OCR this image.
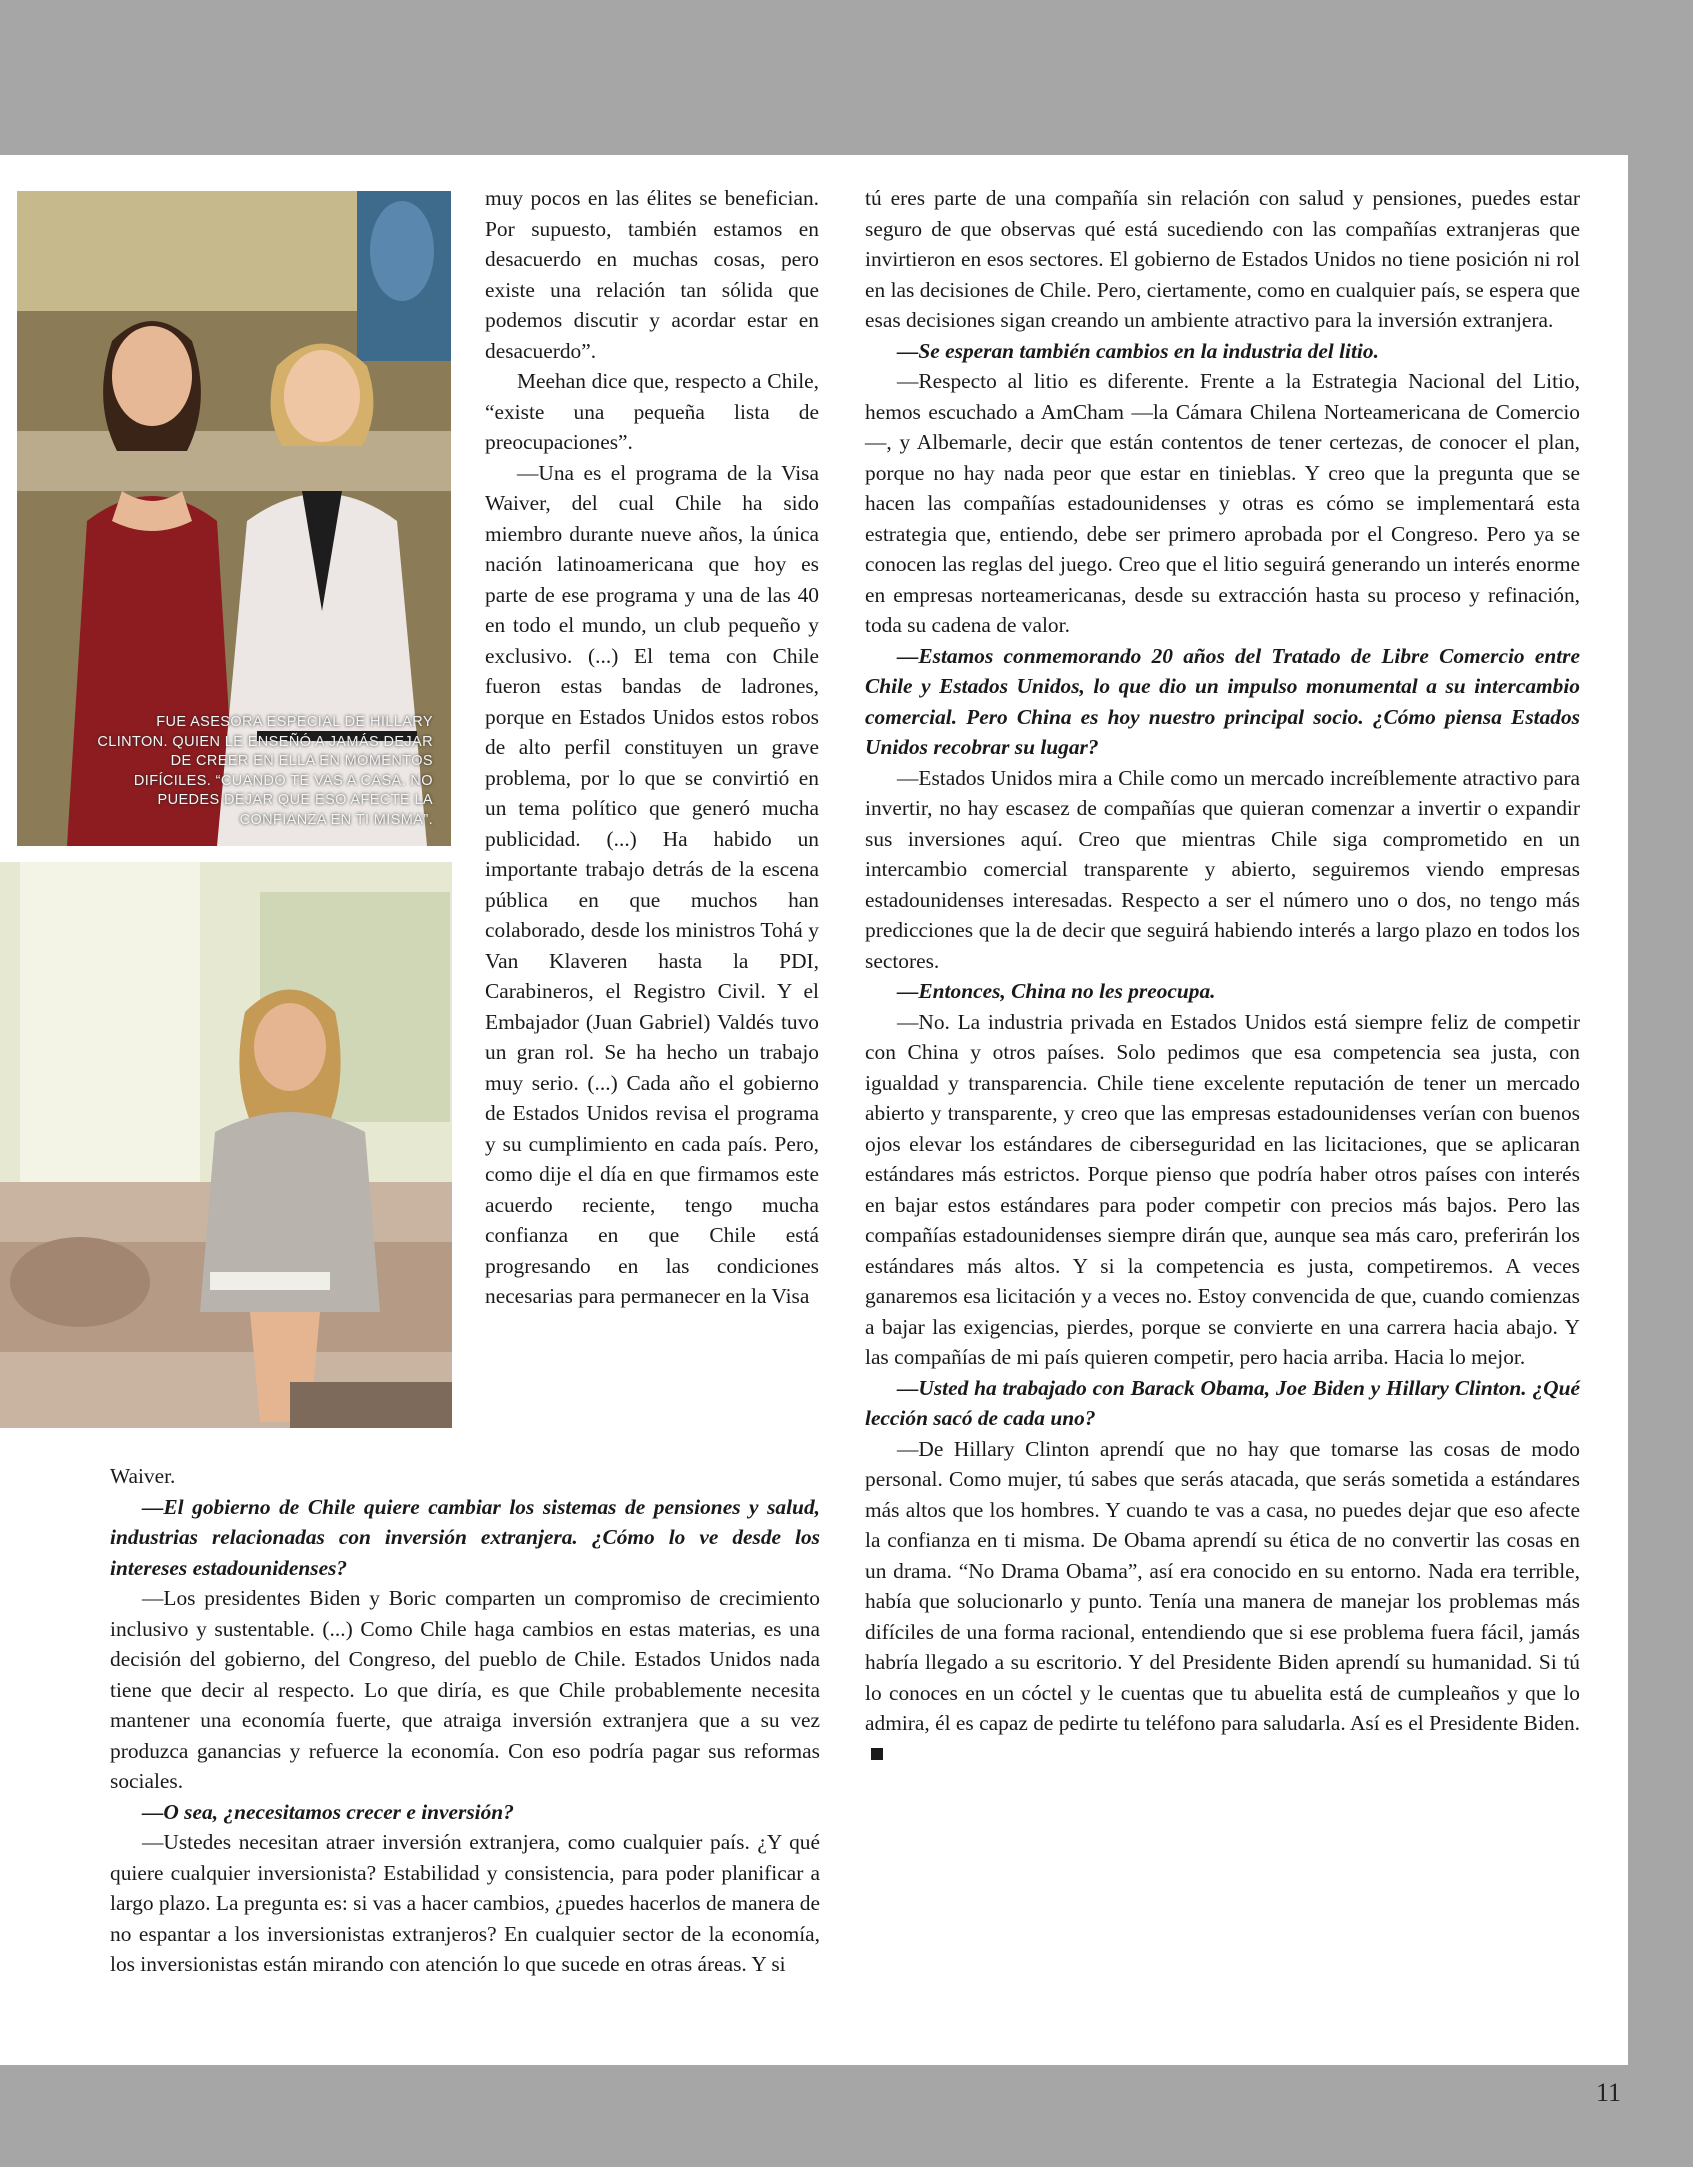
FUE ASESORA ESPECIAL DE HILLARY CLINTON. QUIEN LE ENSEÑÓ A JAMÁS DEJAR DE CREER EN ELLA EN MOMENTOS DIFÍCILES. “CUANDO TE VAS A CASA. NO PUEDES DEJAR QUE ESO AFECTE LA CONFIANZA EN TI MISMA”.

muy pocos en las élites se benefician. Por supuesto, también estamos en desacuerdo en muchas cosas, pero existe una relación tan sólida que podemos discutir y acordar estar en desacuerdo”.

Meehan dice que, respecto a Chile, “existe una pequeña lista de preocupaciones”.

—Una es el programa de la Visa Waiver, del cual Chile ha sido miembro durante nueve años, la única nación latinoamericana que hoy es parte de ese programa y una de las 40 en todo el mundo, un club pequeño y exclusivo. (...) El tema con Chile fueron estas bandas de ladrones, porque en Estados Unidos estos robos de alto perfil constituyen un grave problema, por lo que se convirtió en un tema político que generó mucha publicidad. (...) Ha habido un importante trabajo detrás de la escena pública en que muchos han colaborado, desde los ministros Tohá y Van Klaveren hasta la PDI, Carabineros, el Registro Civil. Y el Embajador (Juan Gabriel) Valdés tuvo un gran rol. Se ha hecho un trabajo muy serio. (...) Cada año el gobierno de Estados Unidos revisa el programa y su cumplimiento en cada país. Pero, como dije el día en que firmamos este acuerdo reciente, tengo mucha confianza en que Chile está progresando en las condiciones necesarias para permanecer en la Visa

Waiver.

—El gobierno de Chile quiere cambiar los sistemas de pensiones y salud, industrias relacionadas con inversión extranjera. ¿Cómo lo ve desde los intereses estadounidenses?

—Los presidentes Biden y Boric comparten un compromiso de crecimiento inclusivo y sustentable. (...) Como Chile haga cambios en estas materias, es una decisión del gobierno, del Congreso, del pueblo de Chile. Estados Unidos nada tiene que decir al respecto. Lo que diría, es que Chile probablemente necesita mantener una economía fuerte, que atraiga inversión extranjera que a su vez produzca ganancias y refuerce la economía. Con eso podría pagar sus reformas sociales.

—O sea, ¿necesitamos crecer e inversión?

—Ustedes necesitan atraer inversión extranjera, como cualquier país. ¿Y qué quiere cualquier inversionista? Estabilidad y consistencia, para poder planificar a largo plazo. La pregunta es: si vas a hacer cambios, ¿puedes hacerlos de manera de no espantar a los inversionistas extranjeros? En cualquier sector de la economía, los inversionistas están mirando con atención lo que sucede en otras áreas. Y si

tú eres parte de una compañía sin relación con salud y pensiones, puedes estar seguro de que observas qué está sucediendo con las compañías extranjeras que invirtieron en esos sectores. El gobierno de Estados Unidos no tiene posición ni rol en las decisiones de Chile. Pero, ciertamente, como en cualquier país, se espera que esas decisiones sigan creando un ambiente atractivo para la inversión extranjera.

—Se esperan también cambios en la industria del litio.

—Respecto al litio es diferente. Frente a la Estrategia Nacional del Litio, hemos escuchado a AmCham —la Cámara Chilena Norteamericana de Comercio—, y Albemarle, decir que están contentos de tener certezas, de conocer el plan, porque no hay nada peor que estar en tinieblas. Y creo que la pregunta que se hacen las compañías estadounidenses y otras es cómo se implementará esta estrategia que, entiendo, debe ser primero aprobada por el Congreso. Pero ya se conocen las reglas del juego. Creo que el litio seguirá generando un interés enorme en empresas norteamericanas, desde su extracción hasta su proceso y refinación, toda su cadena de valor.

—Estamos conmemorando 20 años del Tratado de Libre Comercio entre Chile y Estados Unidos, lo que dio un impulso monumental a su intercambio comercial. Pero China es hoy nuestro principal socio. ¿Cómo piensa Estados Unidos recobrar su lugar?

—Estados Unidos mira a Chile como un mercado increíblemente atractivo para invertir, no hay escasez de compañías que quieran comenzar a invertir o expandir sus inversiones aquí. Creo que mientras Chile siga comprometido en un intercambio comercial transparente y abierto, seguiremos viendo empresas estadounidenses interesadas. Respecto a ser el número uno o dos, no tengo más predicciones que la de decir que seguirá habiendo interés a largo plazo en todos los sectores.

—Entonces, China no les preocupa.

—No. La industria privada en Estados Unidos está siempre feliz de competir con China y otros países. Solo pedimos que esa competencia sea justa, con igualdad y transparencia. Chile tiene excelente reputación de tener un mercado abierto y transparente, y creo que las empresas estadounidenses verían con buenos ojos elevar los estándares de ciberseguridad en las licitaciones, que se aplicaran estándares más estrictos. Porque pienso que podría haber otros países con interés en bajar estos estándares para poder competir con precios más bajos. Pero las compañías estadounidenses siempre dirán que, aunque sea más caro, preferirán los estándares más altos. Y si la competencia es justa, competiremos. A veces ganaremos esa licitación y a veces no. Estoy convencida de que, cuando comienzas a bajar las exigencias, pierdes, porque se convierte en una carrera hacia abajo. Y las compañías de mi país quieren competir, pero hacia arriba. Hacia lo mejor.

—Usted ha trabajado con Barack Obama, Joe Biden y Hillary Clinton. ¿Qué lección sacó de cada uno?

—De Hillary Clinton aprendí que no hay que tomarse las cosas de modo personal. Como mujer, tú sabes que serás atacada, que serás sometida a estándares más altos que los hombres. Y cuando te vas a casa, no puedes dejar que eso afecte la confianza en ti misma. De Obama aprendí su ética de no convertir las cosas en un drama. “No Drama Obama”, así era conocido en su entorno. Nada era terrible, había que solucionarlo y punto. Tenía una manera de manejar los problemas más difíciles de una forma racional, entendiendo que si ese problema fuera fácil, jamás habría llegado a su escritorio. Y del Presidente Biden aprendí su humanidad. Si tú lo conoces en un cóctel y le cuentas que tu abuelita está de cumpleaños y que lo admira, él es capaz de pedirte tu teléfono para saludarla. Así es el Presidente Biden.

11
